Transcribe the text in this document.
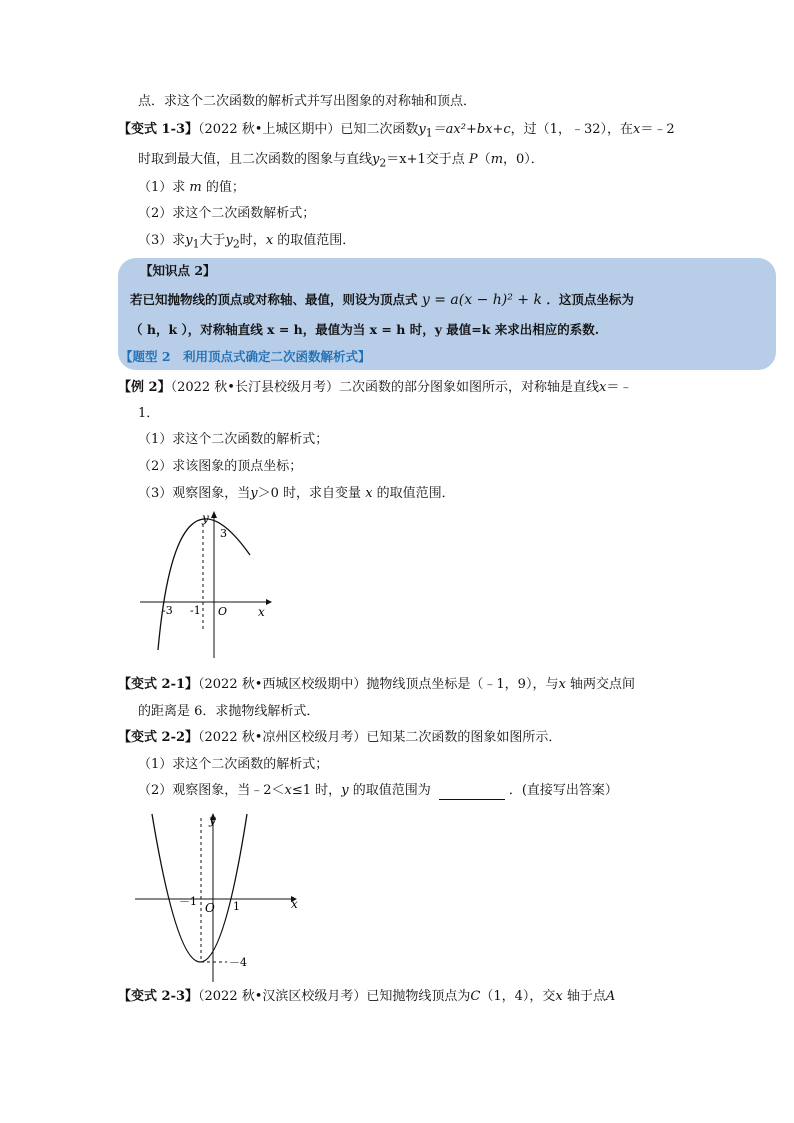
点．求这个二次函数的解析式并写出图象的对称轴和顶点．
【变式 1-3】（2022 秋•上城区期中）已知二次函数$y_1=ax^2+bx+c$，过（1，﹣32），在x＝﹣2
时取到最大值，且二次函数的图象与直线$y_2=x+1$交于点 P（m，0）．
（1）求 m 的值；
（2）求这个二次函数解析式；
（3）求$y_1$大于$y_2$时，x 的取值范围．
【知识点 2】
若已知抛物线的顶点或对称轴、最值，则设为顶点式 y = a(x − h)² + k ．这顶点坐标为
（ h，k ），对称轴直线 x = h，最值为当 x = h 时，y 最值=k 来求出相应的系数.
【题型 2　利用顶点式确定二次函数解析式】
【例 2】（2022 秋•长汀县校级月考）二次函数的部分图象如图所示，对称轴是直线x＝﹣
1．
（1）求这个二次函数的解析式；
（2）求该图象的顶点坐标；
（3）观察图象，当y＞0 时，求自变量 x 的取值范围．
y
x
O
-3 -1
3
【变式 2-1】（2022 秋•西城区校级期中）抛物线顶点坐标是（﹣1，9），与x 轴两交点间
的距离是 6．求抛物线解析式．
【变式 2-2】（2022 秋•凉州区校级月考）已知某二次函数的图象如图所示．
（1）求这个二次函数的解析式；
（2）观察图象，当﹣2＜x≤1 时，y 的取值范围为	．(直接写出答案）
y
x
O
－1	1
－4
【变式 2-3】（2022 秋•汉滨区校级月考）已知抛物线顶点为C（1，4），交x 轴于点A
